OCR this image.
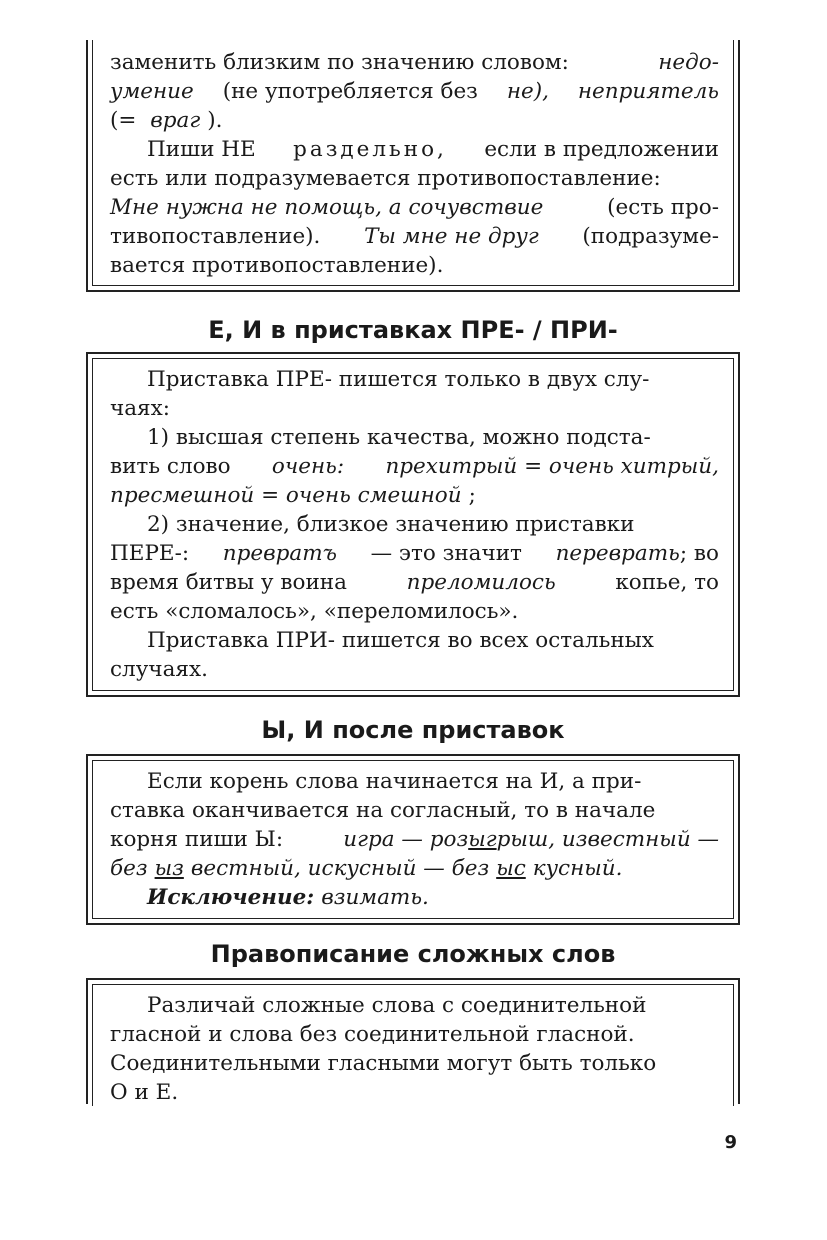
заменить близким по значению словом:	недо-
умение (не употребляется без не), неприятель
(= враг ).
Пиши НЕ раздельно, если в предложении
есть или подразумевается противопоставление:
Мне нужна не помощь, а сочувствие	(есть про-
тивопоставление). Ты мне не друг (подразуме-
вается противопоставление).
Е, И в приставках ПРЕ- / ПРИ-
Приставка ПРЕ- пишется только в двух слу-
чаях:
1) высшая степень качества, можно подста-
вить слово очень: прехитрый = очень хитрый,
пресмешной = очень смешной ;
2) значение, близкое значению приставки
ПЕРЕ-: превратъ — это значит переврать; во
время битвы у воина	преломилось	копье, то
есть «сломалось», «переломилось».
Приставка ПРИ- пишется во всех остальных
случаях.
Ы, И после приставок
Если корень слова начинается на И, а при-
ставка оканчивается на согласный, то в начале
корня пиши Ы:	игра — розыгрыш, известный —
без ыз вестный, искусный — без ыс кусный.
Исключение: взимать.
Правописание сложных слов
Различай сложные слова с соединительной
гласной и слова без соединительной гласной.
Соединительными гласными могут быть только
О и Е.
9
